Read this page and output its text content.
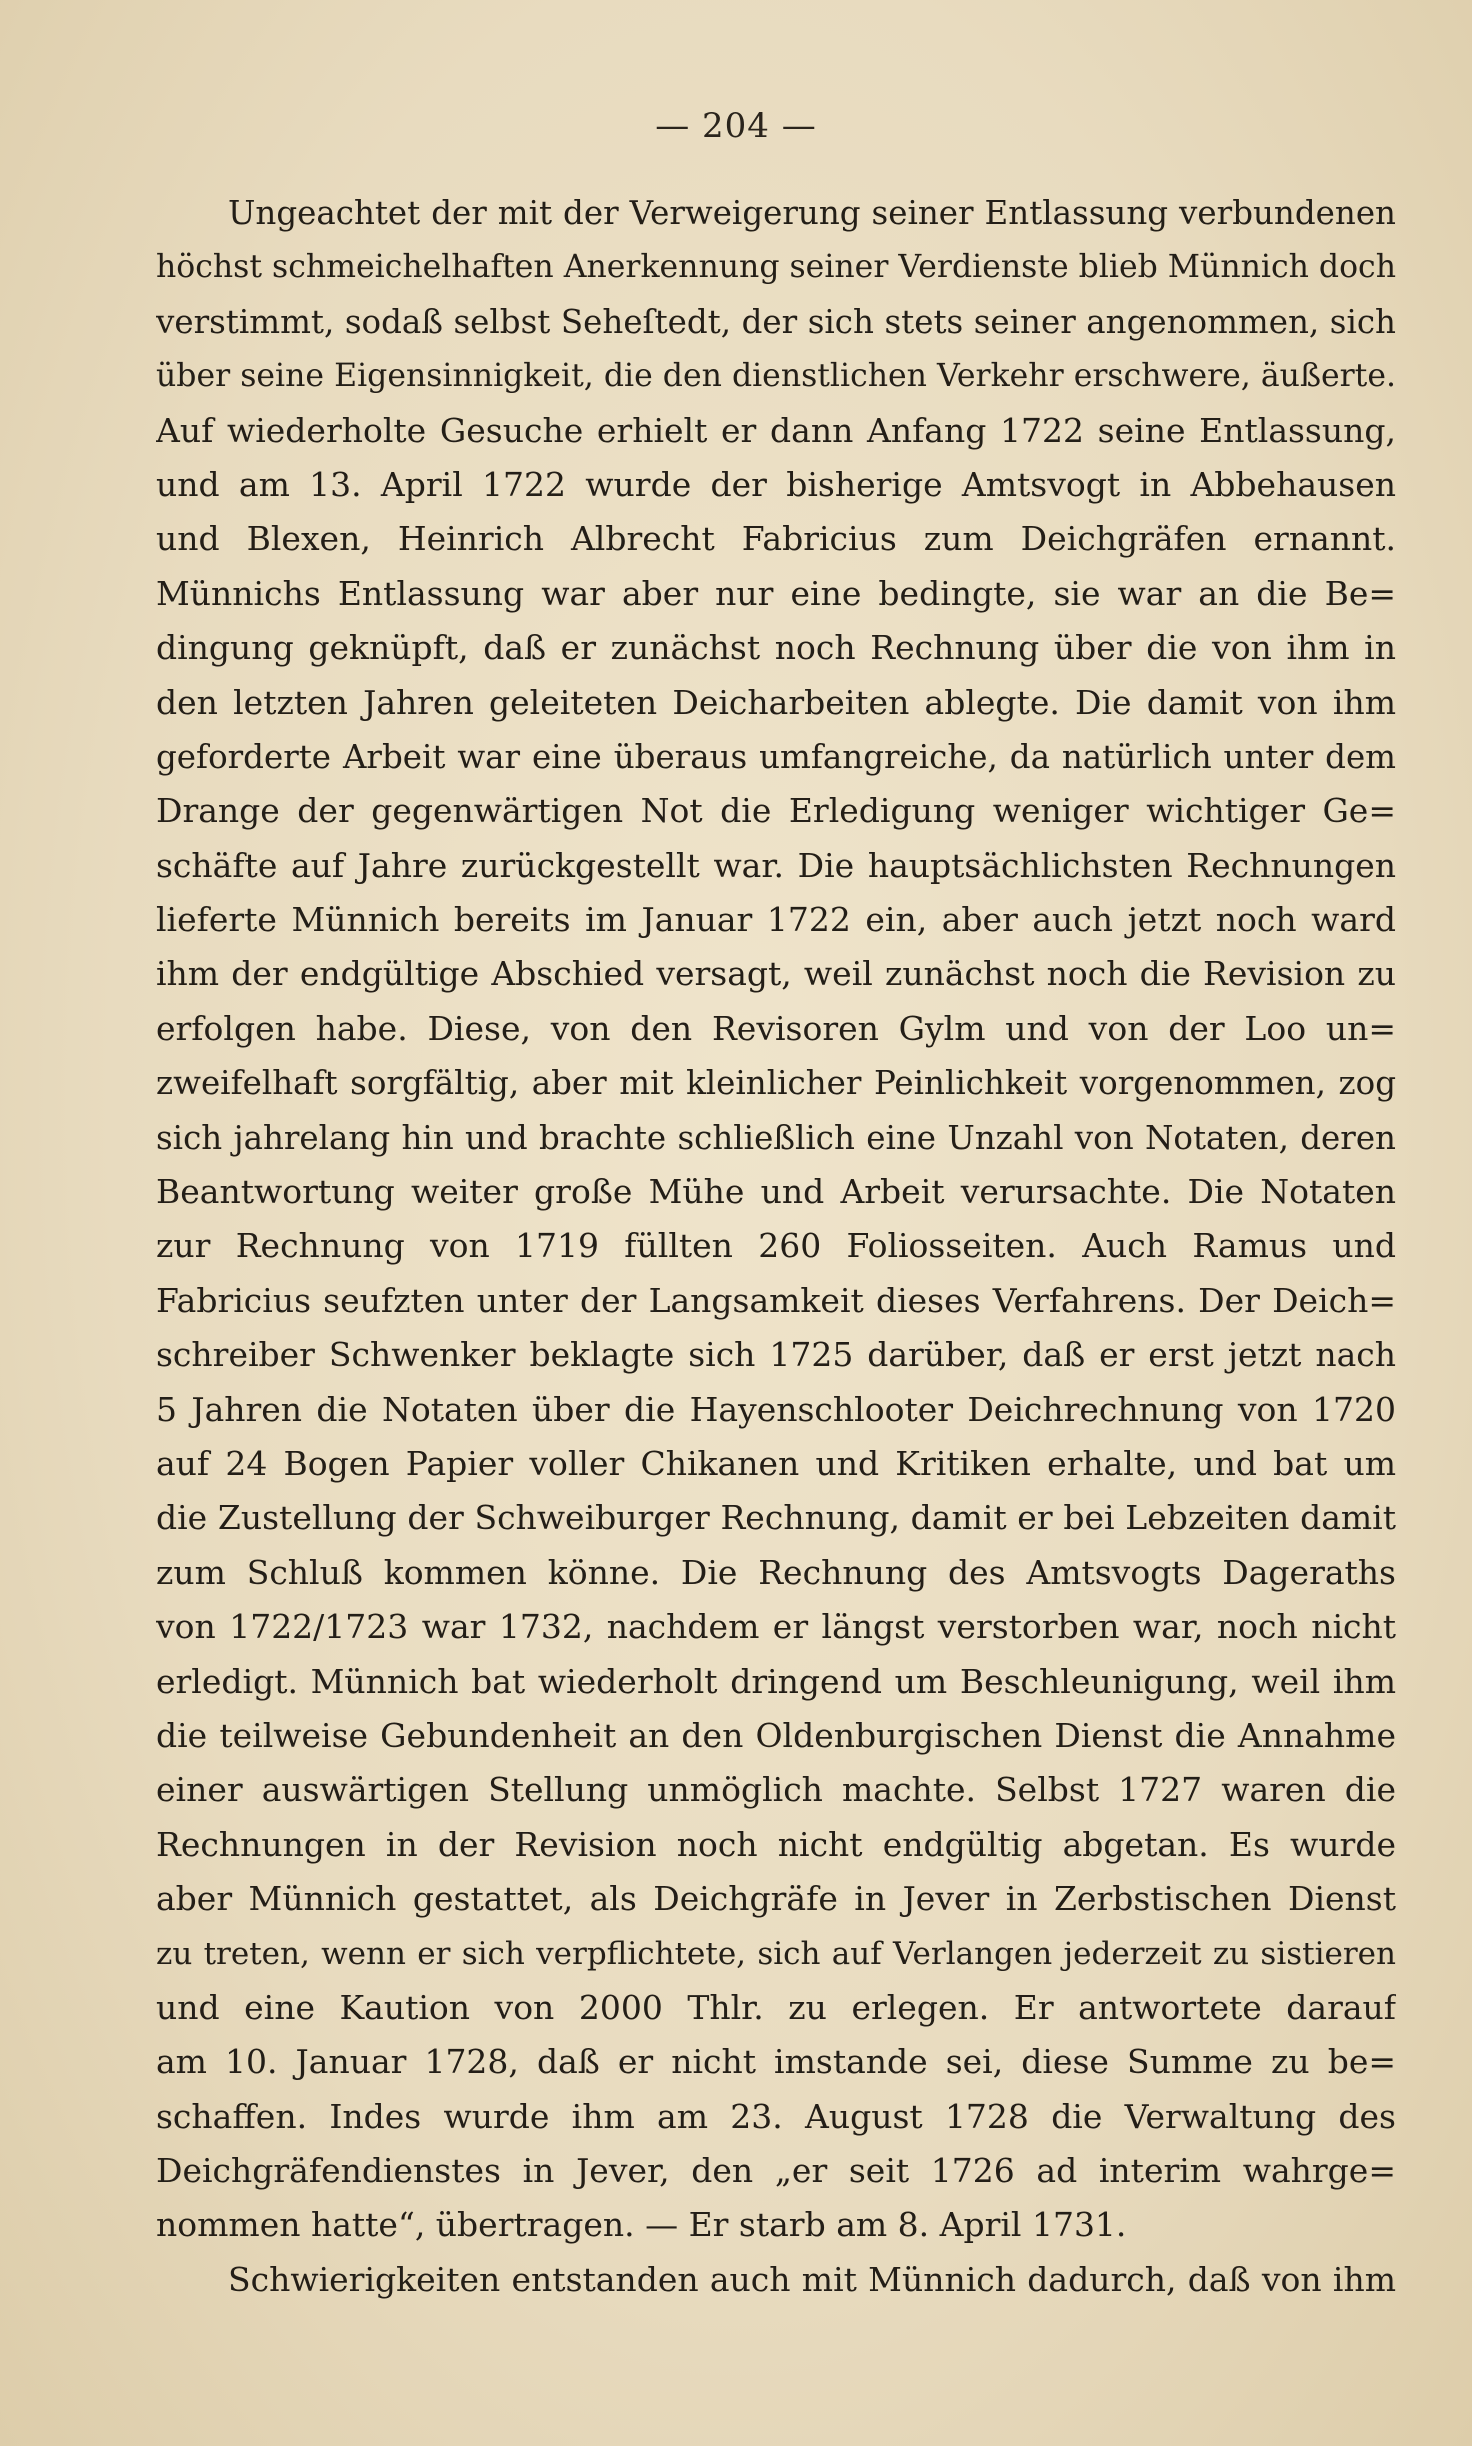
— 204 —
Ungeachtet der mit der Verweigerung seiner Entlassung verbundenen
höchst schmeichelhaften Anerkennung seiner Verdienste blieb Münnich doch
verstimmt, sodaß selbst Seheſtedt, der sich stets seiner angenommen, sich
über seine Eigensinnigkeit, die den dienstlichen Verkehr erschwere, äußerte.
Auf wiederholte Gesuche erhielt er dann Anfang 1722 seine Entlassung,
und am 13. April 1722 wurde der bisherige Amtsvogt in Abbehausen
und Blexen, Heinrich Albrecht Fabricius zum Deichgräfen ernannt.
Münnichs Entlassung war aber nur eine bedingte, sie war an die Be=
dingung geknüpft, daß er zunächst noch Rechnung über die von ihm in
den letzten Jahren geleiteten Deicharbeiten ablegte. Die damit von ihm
geforderte Arbeit war eine überaus umfangreiche, da natürlich unter dem
Drange der gegenwärtigen Not die Erledigung weniger wichtiger Ge=
schäfte auf Jahre zurückgestellt war. Die hauptsächlichsten Rechnungen
lieferte Münnich bereits im Januar 1722 ein, aber auch jetzt noch ward
ihm der endgültige Abschied versagt, weil zunächst noch die Revision zu
erfolgen habe. Diese, von den Revisoren Gylm und von der Loo un=
zweifelhaft sorgfältig, aber mit kleinlicher Peinlichkeit vorgenommen, zog
sich jahrelang hin und brachte schließlich eine Unzahl von Notaten, deren
Beantwortung weiter große Mühe und Arbeit verursachte. Die Notaten
zur Rechnung von 1719 füllten 260 Foliosseiten. Auch Ramus und
Fabricius seufzten unter der Langsamkeit dieses Verfahrens. Der Deich=
schreiber Schwenker beklagte sich 1725 darüber, daß er erst jetzt nach
5 Jahren die Notaten über die Hayenschlooter Deichrechnung von 1720
auf 24 Bogen Papier voller Chikanen und Kritiken erhalte, und bat um
die Zustellung der Schweiburger Rechnung, damit er bei Lebzeiten damit
zum Schluß kommen könne. Die Rechnung des Amtsvogts Dageraths
von 1722/1723 war 1732, nachdem er längst verstorben war, noch nicht
erledigt. Münnich bat wiederholt dringend um Beschleunigung, weil ihm
die teilweise Gebundenheit an den Oldenburgischen Dienst die Annahme
einer auswärtigen Stellung unmöglich machte. Selbst 1727 waren die
Rechnungen in der Revision noch nicht endgültig abgetan. Es wurde
aber Münnich gestattet, als Deichgräfe in Jever in Zerbstischen Dienst
zu treten, wenn er sich verpflichtete, sich auf Verlangen jederzeit zu sistieren
und eine Kaution von 2000 Thlr. zu erlegen. Er antwortete darauf
am 10. Januar 1728, daß er nicht imstande sei, diese Summe zu be=
schaffen. Indes wurde ihm am 23. August 1728 die Verwaltung des
Deichgräfendienstes in Jever, den „er seit 1726 ad interim wahrge=
nommen hatte“, übertragen. — Er starb am 8. April 1731.
Schwierigkeiten entstanden auch mit Münnich dadurch, daß von ihm
